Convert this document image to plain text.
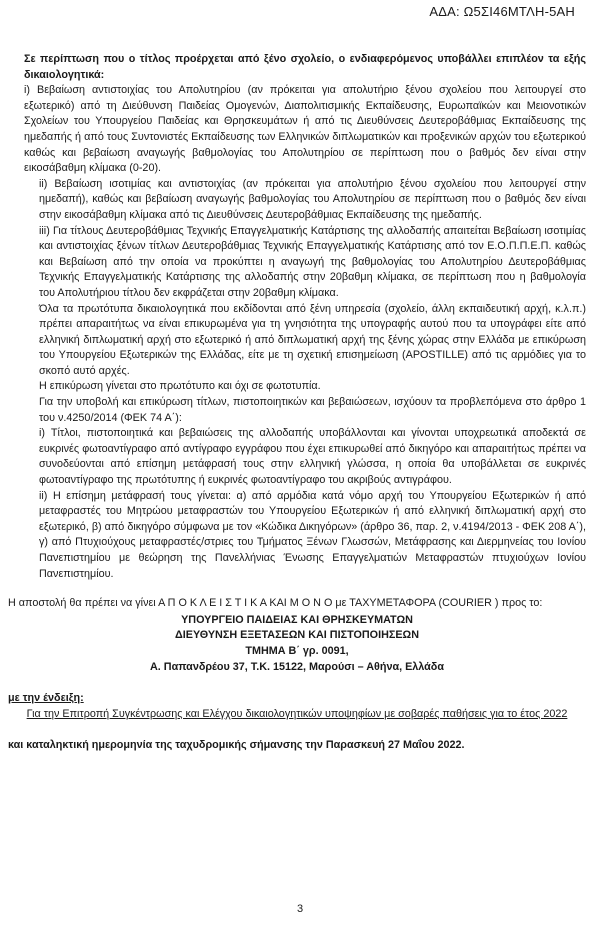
ΑΔΑ: Ω5ΣΙ46ΜΤΛΗ-5ΑΗ

Σε περίπτωση που ο τίτλος προέρχεται από ξένο σχολείο, ο ενδιαφερόμενος υποβάλλει επιπλέον τα εξής δικαιολογητικά:

i) Βεβαίωση αντιστοιχίας του Απολυτηρίου (αν πρόκειται για απολυτήριο ξένου σχολείου που λειτουργεί στο εξωτερικό) από τη Διεύθυνση Παιδείας Ομογενών, Διαπολιτισμικής Εκπαίδευσης, Ευρωπαϊκών και Μειονοτικών Σχολείων του Υπουργείου Παιδείας και Θρησκευμάτων ή από τις Διευθύνσεις Δευτεροβάθμιας Εκπαίδευσης της ημεδαπής ή από τους Συντονιστές Εκπαίδευσης των Ελληνικών διπλωματικών και προξενικών αρχών του εξωτερικού καθώς και βεβαίωση αναγωγής βαθμολογίας του Απολυτηρίου σε περίπτωση που ο βαθμός δεν είναι στην εικοσάβαθμη κλίμακα (0-20).

ii) Βεβαίωση ισοτιμίας και αντιστοιχίας (αν πρόκειται για απολυτήριο ξένου σχολείου που λειτουργεί στην ημεδαπή), καθώς και βεβαίωση αναγωγής βαθμολογίας του Απολυτηρίου σε περίπτωση που ο βαθμός δεν είναι στην εικοσάβαθμη κλίμακα από τις Διευθύνσεις Δευτεροβάθμιας Εκπαίδευσης της ημεδαπής.

iii) Για τίτλους Δευτεροβάθμιας Τεχνικής Επαγγελματικής Κατάρτισης της αλλοδαπής απαιτείται Βεβαίωση ισοτιμίας και αντιστοιχίας ξένων τίτλων Δευτεροβάθμιας Τεχνικής Επαγγελματικής Κατάρτισης από τον Ε.Ο.Π.Π.Ε.Π. καθώς και Βεβαίωση από την οποία να προκύπτει η αναγωγή της βαθμολογίας του Απολυτηρίου Δευτεροβάθμιας Τεχνικής Επαγγελματικής Κατάρτισης της αλλοδαπής στην 20βαθμη κλίμακα, σε περίπτωση που η βαθμολογία του Απολυτήριου τίτλου δεν εκφράζεται στην 20βαθμη κλίμακα.

Όλα τα πρωτότυπα δικαιολογητικά που εκδίδονται από ξένη υπηρεσία (σχολείο, άλλη εκπαιδευτική αρχή, κ.λ.π.) πρέπει απαραιτήτως να είναι επικυρωμένα για τη γνησιότητα της υπογραφής αυτού που τα υπογράφει είτε από ελληνική διπλωματική αρχή στο εξωτερικό ή από διπλωματική αρχή της ξένης χώρας στην Ελλάδα με επικύρωση του Υπουργείου Εξωτερικών της Ελλάδας, είτε με τη σχετική επισημείωση (APOSTILLE) από τις αρμόδιες για το σκοπό αυτό αρχές.

Η επικύρωση γίνεται στο πρωτότυπο και όχι σε φωτοτυπία.

Για την υποβολή και επικύρωση τίτλων, πιστοποιητικών και βεβαιώσεων, ισχύουν τα προβλεπόμενα στο άρθρο 1 του ν.4250/2014 (ΦΕΚ 74 Α΄):

i) Τίτλοι, πιστοποιητικά και βεβαιώσεις της αλλοδαπής υποβάλλονται και γίνονται υποχρεωτικά αποδεκτά σε ευκρινές φωτοαντίγραφο από αντίγραφο εγγράφου που έχει επικυρωθεί από δικηγόρο και απαραιτήτως πρέπει να συνοδεύονται από επίσημη μετάφρασή τους στην ελληνική γλώσσα, η οποία θα υποβάλλεται σε ευκρινές φωτοαντίγραφο της πρωτότυπης ή ευκρινές φωτοαντίγραφο του ακριβούς αντιγράφου.

ii) Η επίσημη μετάφρασή τους γίνεται: α) από αρμόδια κατά νόμο αρχή του Υπουργείου Εξωτερικών ή από μεταφραστές του Μητρώου μεταφραστών του Υπουργείου Εξωτερικών ή από ελληνική διπλωματική αρχή στο εξωτερικό, β) από δικηγόρο σύμφωνα με τον «Κώδικα Δικηγόρων» (άρθρο 36, παρ. 2, ν.4194/2013 - ΦΕΚ 208 Α΄), γ) από Πτυχιούχους μεταφραστές/στριες του Τμήματος Ξένων Γλωσσών, Μετάφρασης και Διερμηνείας του Ιονίου Πανεπιστημίου με θεώρηση της Πανελλήνιας Ένωσης Επαγγελματιών Μεταφραστών πτυχιούχων Ιονίου Πανεπιστημίου.

Η αποστολή θα πρέπει να γίνει Α Π Ο Κ Λ Ε Ι Σ Τ Ι Κ Α ΚΑΙ Μ Ο Ν Ο με ΤΑΧΥΜΕΤΑΦΟΡΑ (COURIER ) προς το:

ΥΠΟΥΡΓΕΙΟ ΠΑΙΔΕΙΑΣ ΚΑΙ ΘΡΗΣΚΕΥΜΑΤΩΝ
ΔΙΕΥΘΥΝΣΗ ΕΞΕΤΑΣΕΩΝ ΚΑΙ ΠΙΣΤΟΠΟΙΗΣΕΩΝ
ΤΜΗΜΑ Β΄ γρ. 0091,
Α. Παπανδρέου 37, Τ.Κ. 15122, Μαρούσι – Αθήνα, Ελλάδα

με την ένδειξη:

Για την Επιτροπή Συγκέντρωσης και Ελέγχου δικαιολογητικών υποψηφίων με σοβαρές παθήσεις για το έτος 2022

και καταληκτική ημερομηνία της ταχυδρομικής σήμανσης την Παρασκευή 27 Μαΐου 2022.

3
